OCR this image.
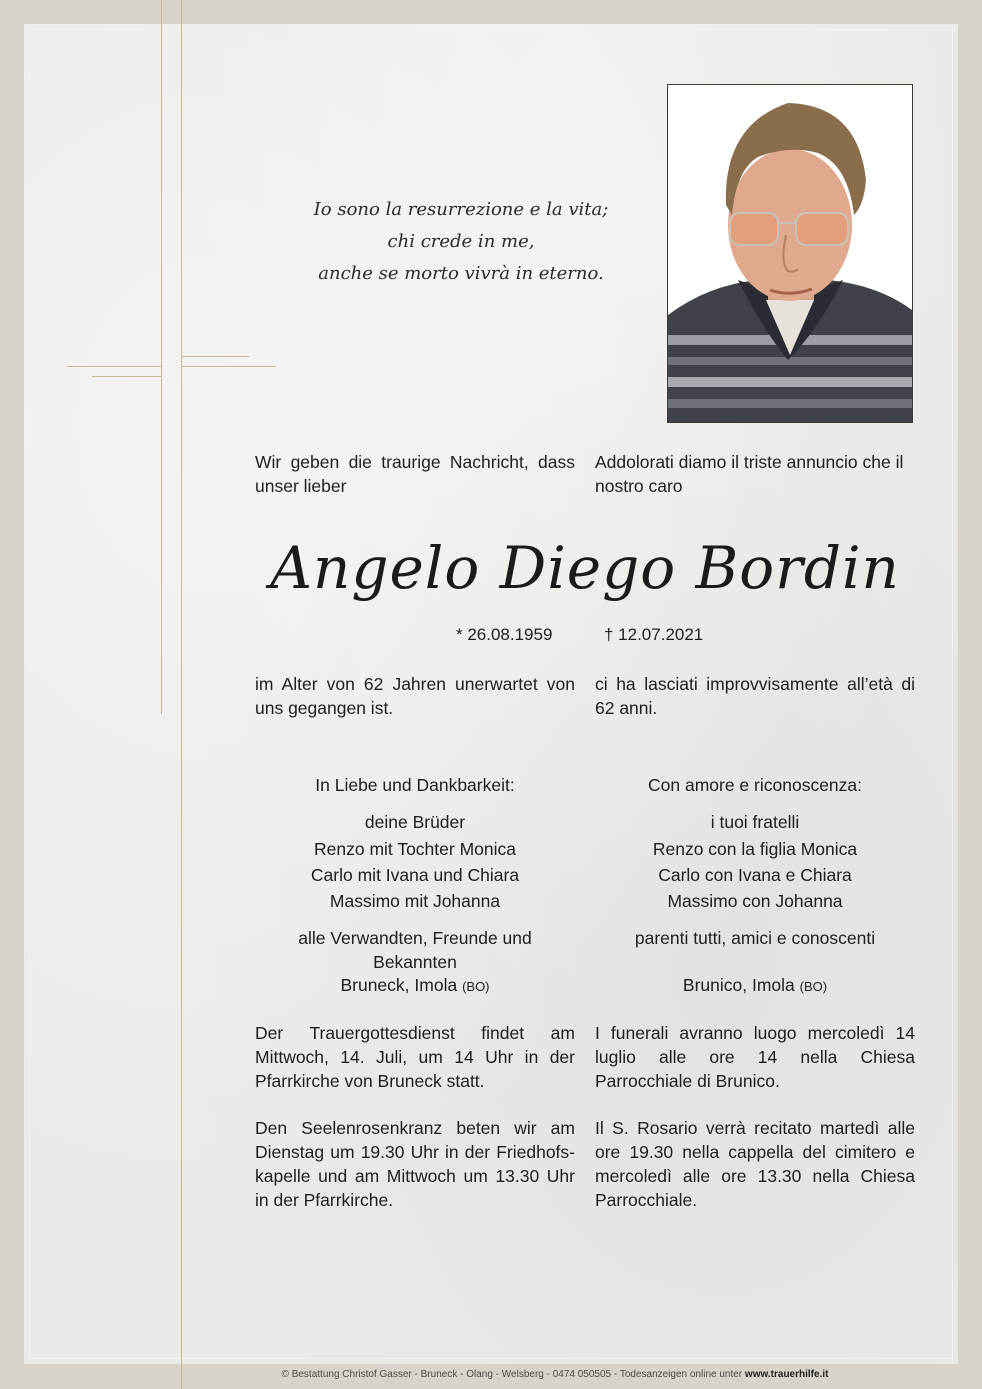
Io sono la resurrezione e la vita;
chi crede in me,
anche se morto vivrà in eterno.
Wir geben die traurige Nachricht, dass unser lieber
Addolorati diamo il triste annuncio che il nostro caro
Angelo Diego Bordin
* 26.08.1959	† 12.07.2021
im Alter von 62 Jahren unerwartet von uns gegangen ist.
ci ha lasciati improvvisamente all’età di 62 anni.
In Liebe und Dankbarkeit:
deine Brüder
Renzo mit Tochter Monica
Carlo mit Ivana und Chiara
Massimo mit Johanna
alle Verwandten, Freunde und Bekannten
Bruneck, Imola (BO)
Con amore e riconoscenza:
i tuoi fratelli
Renzo con la figlia Monica
Carlo con Ivana e Chiara
Massimo con Johanna
parenti tutti, amici e conoscenti
Brunico, Imola (BO)
Der Trauergottesdienst findet am Mittwoch, 14. Juli, um 14 Uhr in der Pfarrkirche von Bruneck statt.
I funerali avranno luogo mercoledì 14 luglio alle ore 14 nella Chiesa Parrocchiale di Brunico.
Den Seelenrosenkranz beten wir am Dienstag um 19.30 Uhr in der Friedhofs-kapelle und am Mittwoch um 13.30 Uhr in der Pfarrkirche.
Il S. Rosario verrà recitato martedì alle ore 19.30 nella cappella del cimitero e mercoledì alle ore 13.30 nella Chiesa Parrocchiale.
© Bestattung Christof Gasser - Bruneck - Olang - Welsberg - 0474 050505 - Todesanzeigen online unter www.trauerhilfe.it
